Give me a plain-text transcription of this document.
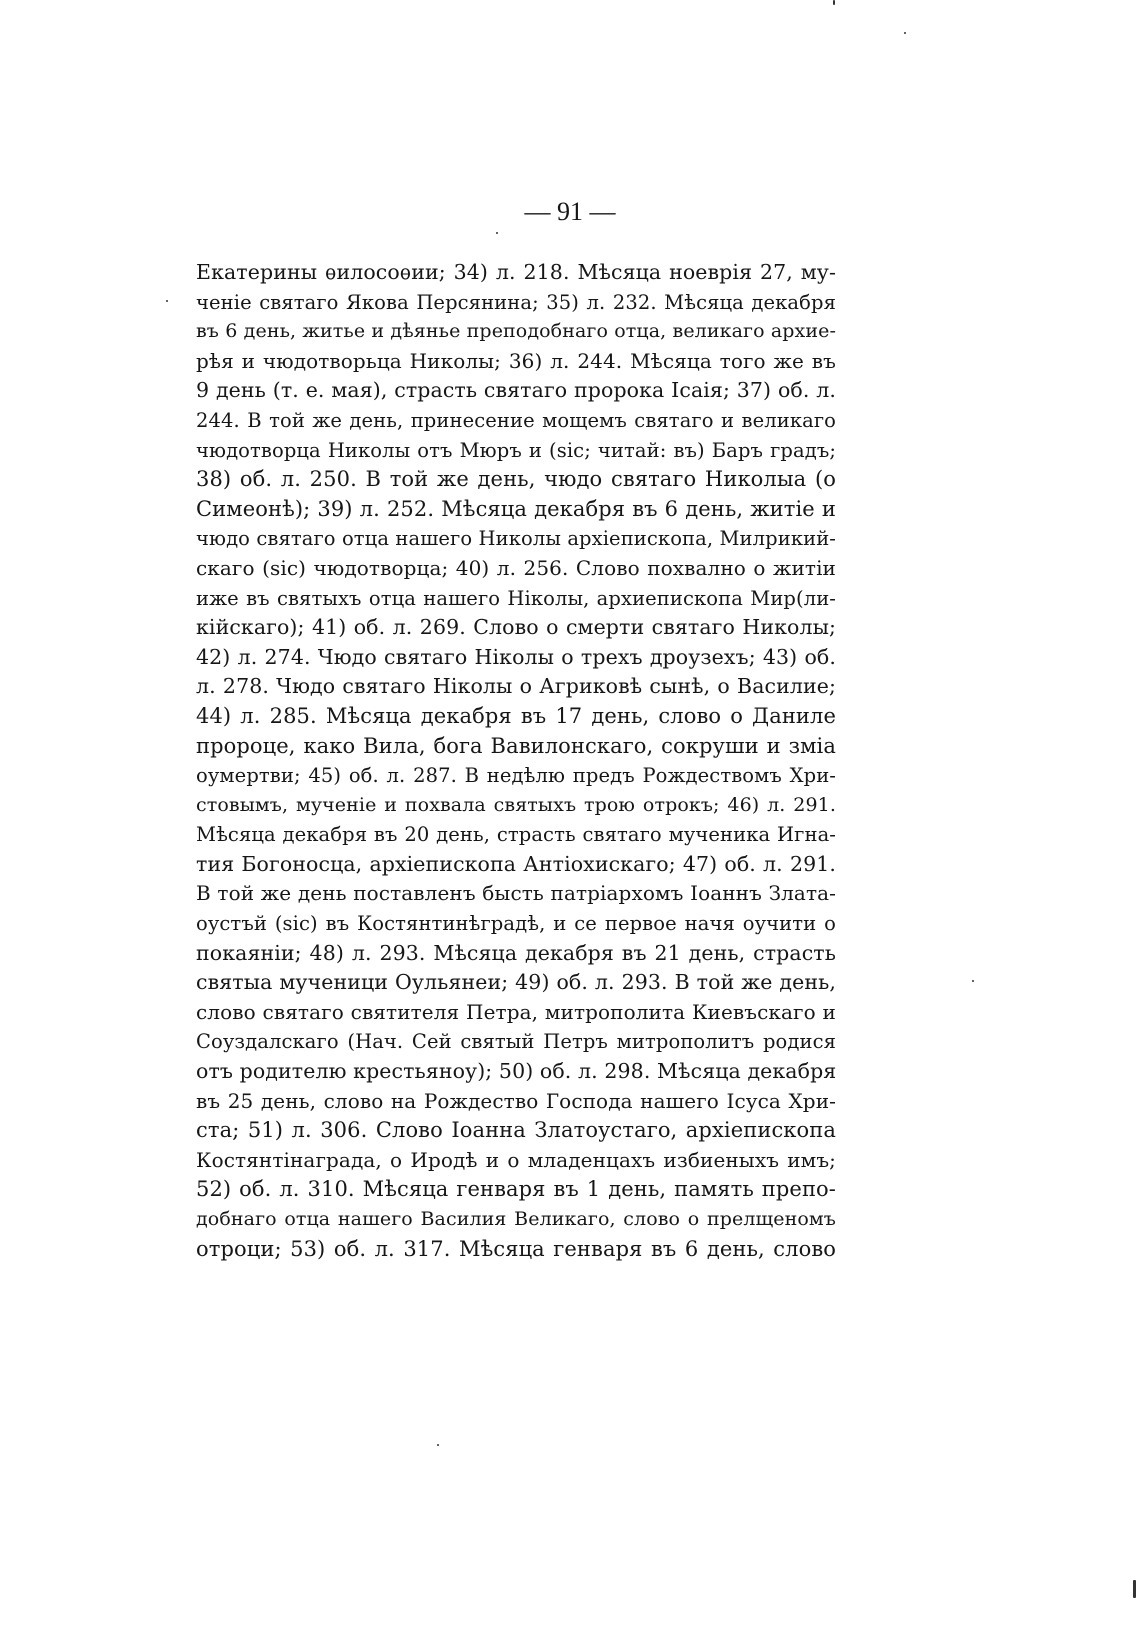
— 91 —
Екатерины ѳилосоѳии; 34) л. 218. Мѣсяца ноеврія 27, му-
ченіе святаго Якова Персянина; 35) л. 232. Мѣсяца декабря
въ 6 день, житье и дѣянье преподобнаго отца, великаго архие-
рѣя и чюдотворьца Николы; 36) л. 244. Мѣсяца того же въ
9 день (т. е. мая), страсть святаго пророка Ісаія; 37) об. л.
244. В той же день, принесение мощемъ святаго и великаго
чюдотворца Николы отъ Мюръ и (sic; читай: въ) Баръ градъ;
38) об. л. 250. В той же день, чюдо святаго Николыа (о
Симеонѣ); 39) л. 252. Мѣсяца декабря въ 6 день, житіе и
чюдо святаго отца нашего Николы архіепископа, Милрикий-
скаго (sic) чюдотворца; 40) л. 256. Слово похвално о житіи
иже въ святыхъ отца нашего Ніколы, архиепископа Мир(ли-
кійскаго); 41) об. л. 269. Слово о смерти святаго Николы;
42) л. 274. Чюдо святаго Ніколы о трехъ дроузехъ; 43) об.
л. 278. Чюдо святаго Ніколы о Агриковѣ сынѣ, о Василие;
44) л. 285. Мѣсяца декабря въ 17 день, слово о Даниле
пророце, како Вила, бога Вавилонскаго, сокруши и зміа
оумертви; 45) об. л. 287. В недѣлю предъ Рождествомъ Хри-
стовымъ, мученіе и похвала святыхъ трою отрокъ; 46) л. 291.
Мѣсяца декабря въ 20 день, страсть святаго мученика Игна-
тия Богоносца, архіепископа Антіохискаго; 47) об. л. 291.
В той же день поставленъ бысть патріархомъ Іоаннъ Злата-
оустъй (sic) въ Костянтинѣградѣ, и се первое начя оучити о
покаяніи; 48) л. 293. Мѣсяца декабря въ 21 день, страсть
святыа мученици Оульянеи; 49) об. л. 293. В той же день,
слово святаго святителя Петра, митрополита Киевъскаго и
Соуздалскаго (Нач. Сей святый Петръ митрополитъ родися
отъ родителю крестьяноу); 50) об. л. 298. Мѣсяца декабря
въ 25 день, слово на Рождество Господа нашего Ісуса Хри-
ста; 51) л. 306. Слово Іоанна Златоустаго, архіепископа
Костянтінаграда, о Иродѣ и о младенцахъ избиеныхъ имъ;
52) об. л. 310. Мѣсяца генваря въ 1 день, память препо-
добнаго отца нашего Василия Великаго, слово о прелщеномъ
отроци; 53) об. л. 317. Мѣсяца генваря въ 6 день, слово
